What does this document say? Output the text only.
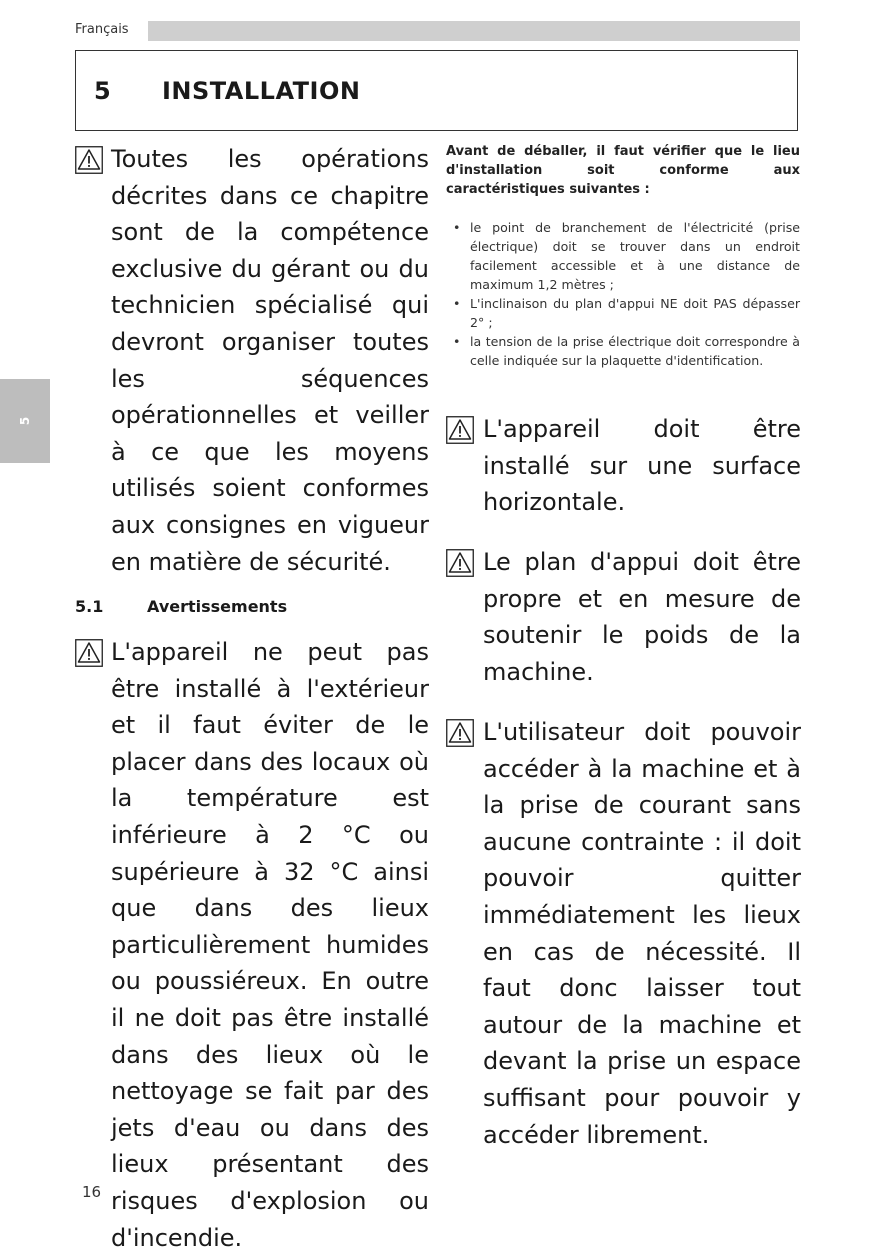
Français
5
5 INSTALLATION
Toutes les opérations décrites dans ce chapitre sont de la compétence exclusive du gérant ou du technicien spécialisé qui devront organiser toutes les séquences opérationnelles et veiller à ce que les moyens utilisés soient conformes aux consignes en vigueur en matière de sécurité.
5.1	Avertissements
L'appareil ne peut pas être installé à l'extérieur et il faut éviter de le placer dans des locaux où la température est inférieure à 2 °C ou supérieure à 32 °C ainsi que dans des lieux particulièrement humides ou poussiéreux. En outre il ne doit pas être installé dans des lieux où le nettoyage se fait par des jets d'eau ou dans des lieux présentant des risques d'explosion ou d'incendie.
Avant de déballer, il faut vérifier que le lieu d'installation soit conforme aux caractéristiques suivantes :
• le point de branchement de l'électricité (prise électrique) doit se trouver dans un endroit facilement accessible et à une distance de maximum 1,2 mètres ;
• L'inclinaison du plan d'appui NE doit PAS dépasser 2° ;
• la tension de la prise électrique doit correspondre à celle indiquée sur la plaquette d'identification.
L'appareil doit être installé sur une surface horizontale.
Le plan d'appui doit être propre et en mesure de soutenir le poids de la machine.
L'utilisateur doit pouvoir accéder à la machine et à la prise de courant sans aucune contrainte : il doit pouvoir quitter immédiatement les lieux en cas de nécessité. Il faut donc laisser tout autour de la machine et devant la prise un espace suffisant pour pouvoir y accéder librement.
16
